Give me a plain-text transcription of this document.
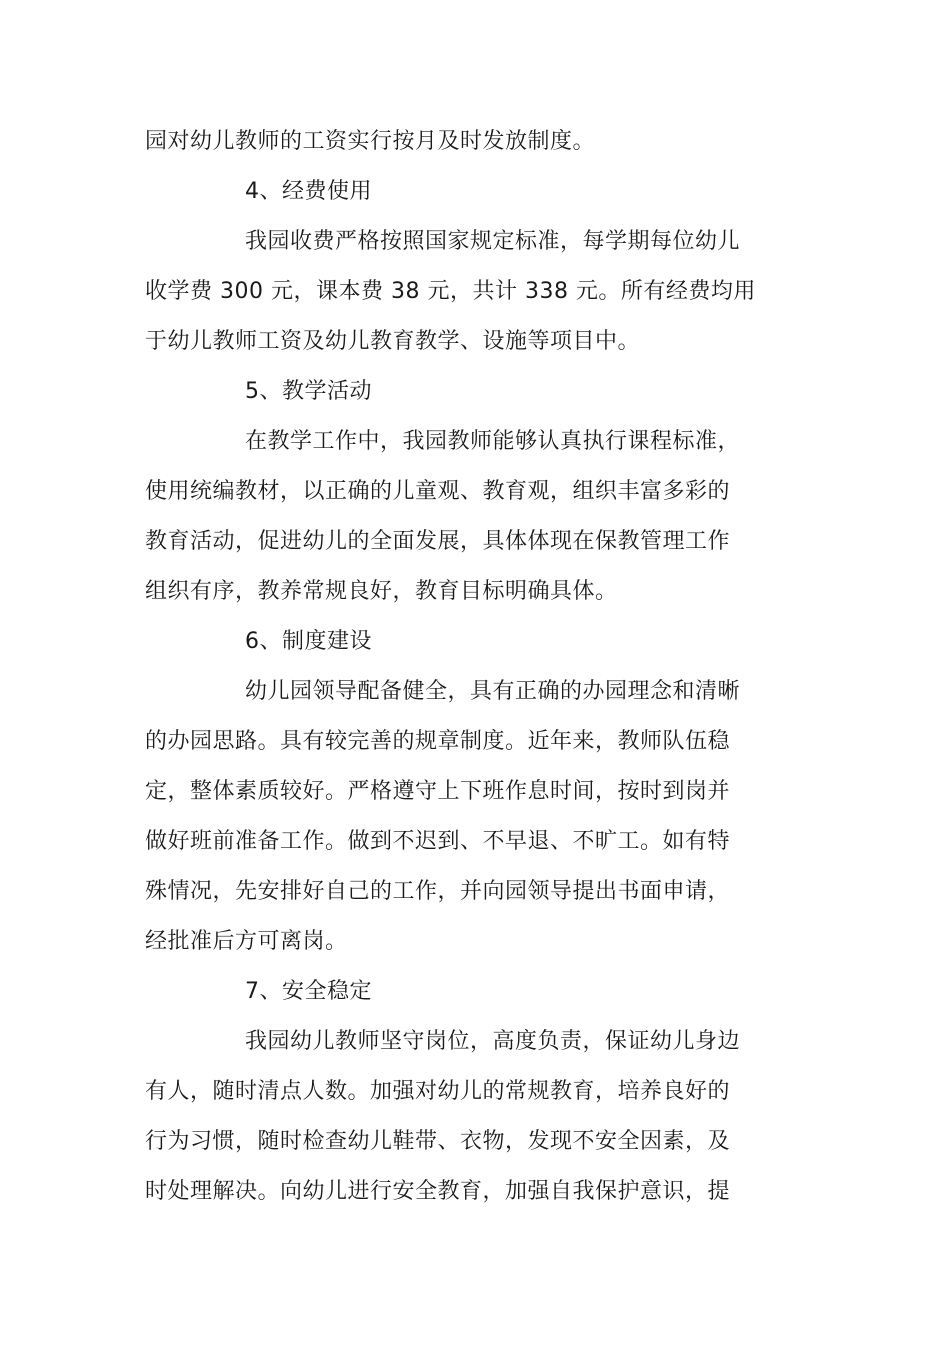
园对幼儿教师的工资实行按月及时发放制度。
4、经费使用
我园收费严格按照国家规定标准，每学期每位幼儿
收学费 300 元，课本费 38 元，共计 338 元。所有经费均用
于幼儿教师工资及幼儿教育教学、设施等项目中。
5、教学活动
在教学工作中，我园教师能够认真执行课程标准，
使用统编教材，以正确的儿童观、教育观，组织丰富多彩的
教育活动，促进幼儿的全面发展，具体体现在保教管理工作
组织有序，教养常规良好，教育目标明确具体。
6、制度建设
幼儿园领导配备健全，具有正确的办园理念和清晰
的办园思路。具有较完善的规章制度。近年来，教师队伍稳
定，整体素质较好。严格遵守上下班作息时间，按时到岗并
做好班前准备工作。做到不迟到、不早退、不旷工。如有特
殊情况，先安排好自己的工作，并向园领导提出书面申请，
经批准后方可离岗。
7、安全稳定
我园幼儿教师坚守岗位，高度负责，保证幼儿身边
有人，随时清点人数。加强对幼儿的常规教育，培养良好的
行为习惯，随时检查幼儿鞋带、衣物，发现不安全因素，及
时处理解决。向幼儿进行安全教育，加强自我保护意识，提
